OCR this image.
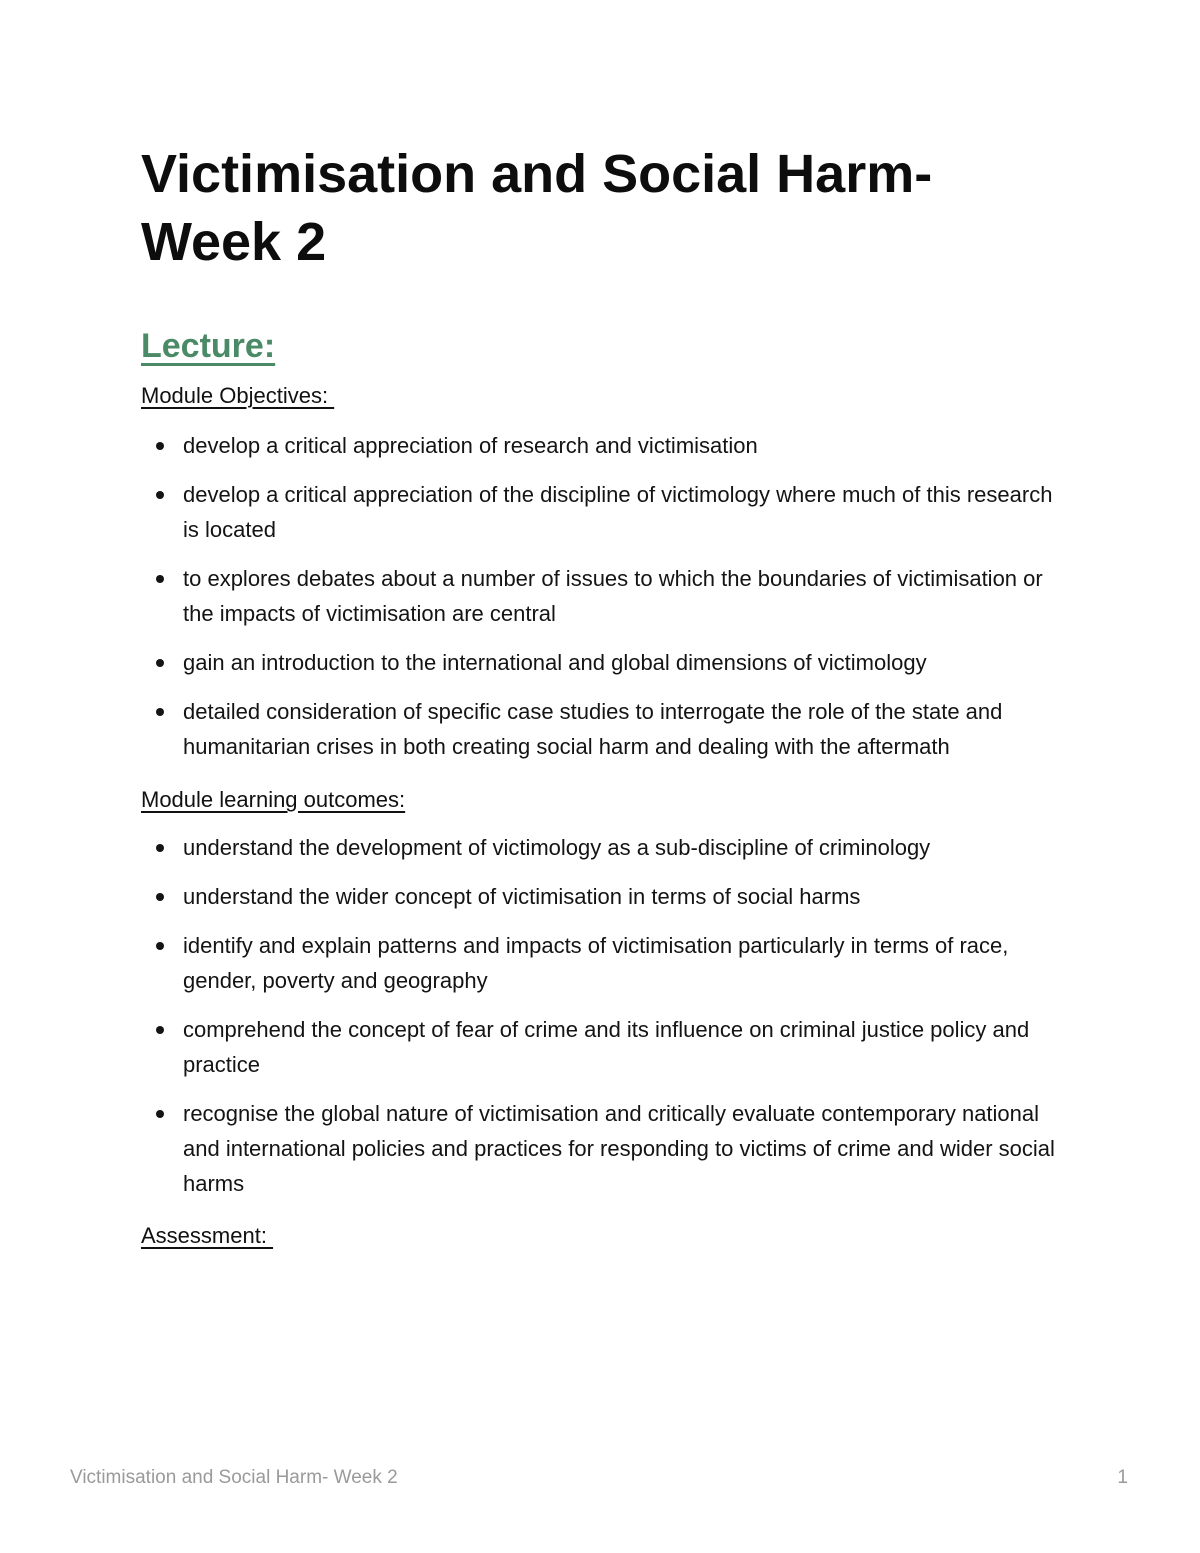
Victimisation and Social Harm-
Week 2
Lecture:

Module Objectives:

develop a critical appreciation of research and victimisation
develop a critical appreciation of the discipline of victimology where much of this research is located
to explores debates about a number of issues to which the boundaries of victimisation or the impacts of victimisation are central
gain an introduction to the international and global dimensions of victimology
detailed consideration of specific case studies to interrogate the role of the state and humanitarian crises in both creating social harm and dealing with the aftermath

Module learning outcomes:

understand the development of victimology as a sub-discipline of criminology
understand the wider concept of victimisation in terms of social harms
identify and explain patterns and impacts of victimisation particularly in terms of race, gender, poverty and geography
comprehend the concept of fear of crime and its influence on criminal justice policy and practice
recognise the global nature of victimisation and critically evaluate contemporary national and international policies and practices for responding to victims of crime and wider social harms

Assessment:

Victimisation and Social Harm- Week 2	1
